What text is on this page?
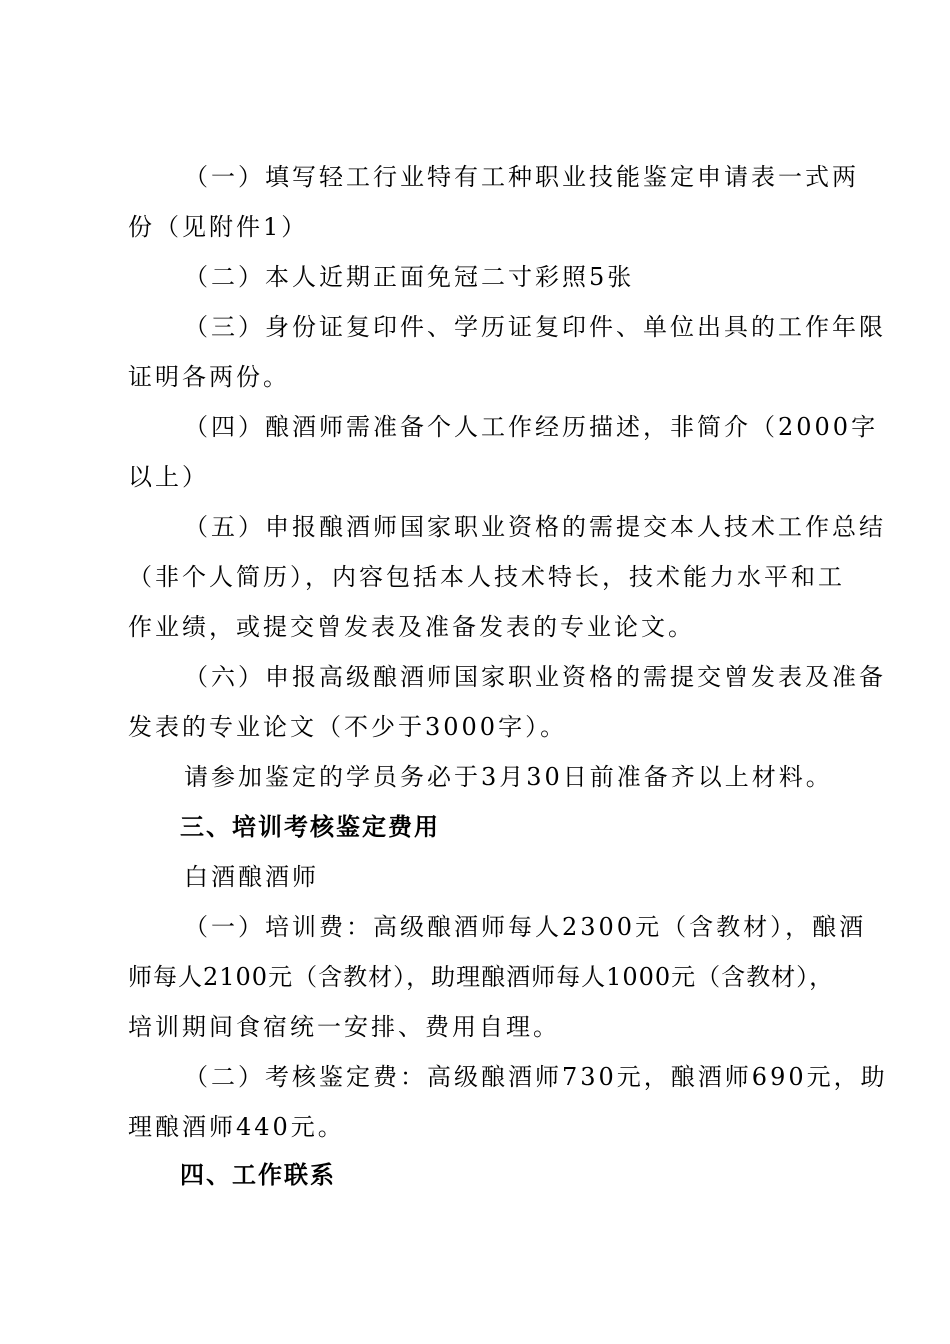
（一）填写轻工行业特有工种职业技能鉴定申请表一式两
份（见附件1）

（二）本人近期正面免冠二寸彩照5张

（三）身份证复印件、学历证复印件、单位出具的工作年限
证明各两份。

（四）酿酒师需准备个人工作经历描述，非简介（2000字
以上）

（五）申报酿酒师国家职业资格的需提交本人技术工作总结
（非个人简历），内容包括本人技术特长，技术能力水平和工
作业绩，或提交曾发表及准备发表的专业论文。

（六）申报高级酿酒师国家职业资格的需提交曾发表及准备
发表的专业论文（不少于3000字）。

请参加鉴定的学员务必于3月30日前准备齐以上材料。

三、培训考核鉴定费用

白酒酿酒师

（一）培训费：高级酿酒师每人2300元（含教材），酿酒
师每人2100元（含教材），助理酿酒师每人1000元（含教材），
培训期间食宿统一安排、费用自理。

（二）考核鉴定费：高级酿酒师730元，酿酒师690元，助
理酿酒师440元。

四、工作联系
